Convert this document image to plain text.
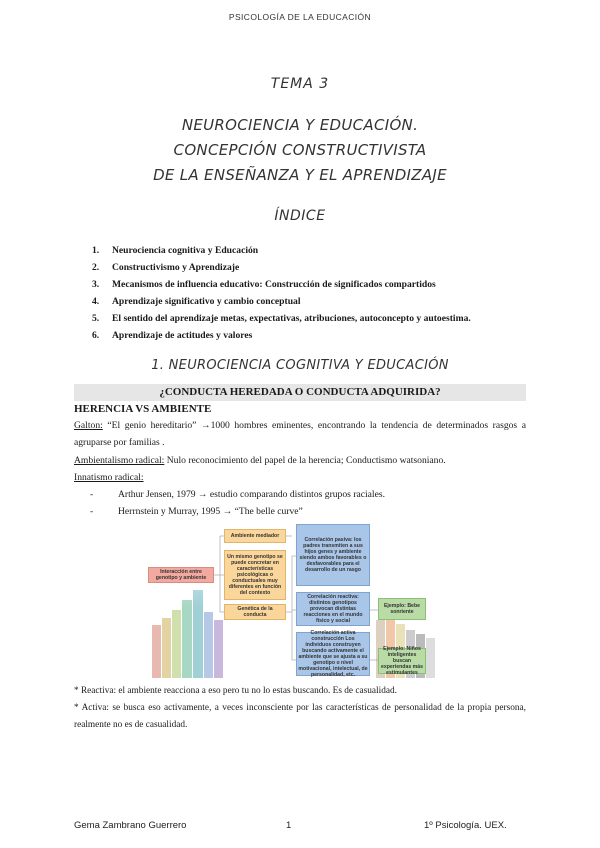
PSICOLOGÍA DE LA EDUCACIÓN
TEMA 3
NEUROCIENCIA Y EDUCACIÓN.
CONCEPCIÓN CONSTRUCTIVISTA
DE LA ENSEÑANZA Y EL APRENDIZAJE
ÍNDICE
1. Neurociencia cognitiva y Educación
2. Constructivismo y Aprendizaje
3. Mecanismos de influencia educativo: Construcción de significados compartidos
4. Aprendizaje significativo y cambio conceptual
5. El sentido del aprendizaje metas, expectativas, atribuciones, autoconcepto y autoestima.
6. Aprendizaje de actitudes y valores
1. NEUROCIENCIA COGNITIVA Y EDUCACIÓN
¿CONDUCTA HEREDADA O CONDUCTA ADQUIRIDA?
HERENCIA VS AMBIENTE
Galton: “El genio hereditario” →1000 hombres eminentes, encontrando la tendencia de determinados rasgos a agruparse por familias .
Ambientalismo radical: Nulo reconocimiento del papel de la herencia; Conductismo watsoniano.
Innatismo radical:
-	Arthur Jensen, 1979 → estudio comparando distintos grupos raciales.
-	Herrnstein y Murray, 1995 → “The belle curve”
Interacción entre genotipo y ambiente
Ambiente mediador
Un mismo genotipo se puede concretar en características psicológicas o conductuales muy diferentes en función del contexto
Genética de la conducta
Correlación pasiva: los padres transmiten a sus hijos genes y ambiente siendo ambos favorables o desfavorables para el desarrollo de un rasgo
Correlación reactiva: distintos genotipos provocan distintas reacciones en el mundo físico y social
Correlación activa construcción Los individuos construyen buscando activamente el ambiente que se ajusta a su genotipo o nivel motivacional, intelectual, de personalidad, etc.
Ejemplo: Bebe sonriente
Ejemplo: Niños inteligentes buscan experiendas más estimulantes
* Reactiva: el ambiente reacciona a eso pero tu no lo estas buscando. Es de casualidad.
* Activa: se busca eso activamente, a veces inconsciente por las características de personalidad de la propia persona, realmente no es de casualidad.
Gema Zambrano Guerrero	1	1º Psicología. UEX.
